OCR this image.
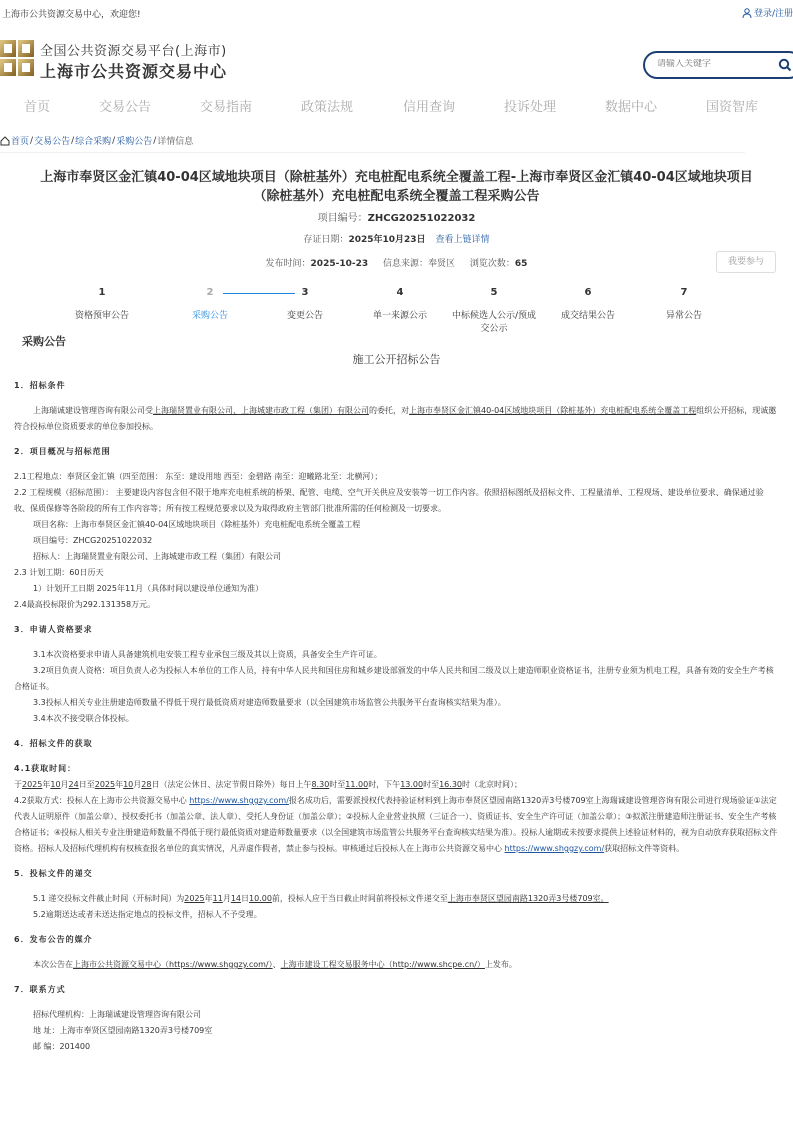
上海市公共资源交易中心，欢迎您!	登录/注册
全国公共资源交易平台(上海市)
上海市公共资源交易中心
请输入关键字
首页	交易公告	交易指南	政策法规	信用查询	投诉处理	数据中心	国资智库
首页 / 交易公告 / 综合采购 / 采购公告 / 详情信息
上海市奉贤区金汇镇40-04区域地块项目（除桩基外）充电桩配电系统全覆盖工程-上海市奉贤区金汇镇40-04区域地块项目（除桩基外）充电桩配电系统全覆盖工程采购公告
项目编号：ZHCG20251022032
存证日期：2025年10月23日 查看上链详情
发布时间：2025-10-23 信息来源：奉贤区 浏览次数：65	我要参与
1
资格预审公告
2
采购公告
3
变更公告
4
单一来源公示
5
中标候选人公示/预成交公示
6
成交结果公告
7
异常公告
采购公告
施工公开招标公告

1．招标条件

上海瑞诚建设管理咨询有限公司受上海瑞贤置业有限公司、上海城建市政工程（集团）有限公司的委托，对上海市奉贤区金汇镇40-04区域地块项目（除桩基外）充电桩配电系统全覆盖工程组织公开招标，现诚邀符合投标单位资质要求的单位参加投标。

2．项目概况与招标范围

2.1工程地点：奉贤区金汇镇（四至范围： 东至：建设用地 西至：金碧路 南至：迎曦路北至：北横河）；

2.2 工程规模（招标范围）： 主要建设内容包含但不限于地库充电桩系统的桥架、配管、电缆、空气开关供应及安装等一切工作内容。依照招标图纸及招标文件、工程量清单、工程现场、建设单位要求、确保通过验收、保质保修等各阶段的所有工作内容等；所有按工程规范要求以及为取得政府主管部门批准所需的任何检测及一切要求。

项目名称：上海市奉贤区金汇镇40-04区域地块项目（除桩基外）充电桩配电系统全覆盖工程

项目编号：ZHCG20251022032

招标人：上海瑞贤置业有限公司、上海城建市政工程（集团）有限公司

2.3 计划工期：60日历天

1）计划开工日期 2025年11月（具体时间以建设单位通知为准）

2.4最高投标限价为292.131358万元。

3．申请人资格要求

3.1本次资格要求申请人具备建筑机电安装工程专业承包三级及其以上资质，具备安全生产许可证。

3.2项目负责人资格：项目负责人必为投标人本单位的工作人员，持有中华人民共和国住房和城乡建设部颁发的中华人民共和国二级及以上建造师职业资格证书，注册专业须为机电工程，具备有效的安全生产考核合格证书。

3.3投标人相关专业注册建造师数量不得低于现行最低资质对建造师数量要求（以全国建筑市场监管公共服务平台查询核实结果为准）。

3.4本次不接受联合体投标。

4．招标文件的获取

4.1获取时间：

于2025年10月24日至2025年10月28日（法定公休日、法定节假日除外）每日上午8.30时至11.00时，下午13.00时至16.30时（北京时间）；

4.2获取方式：投标人在上海市公共资源交易中心 https://www.shggzy.com/报名成功后，需要派授权代表持验证材料到上海市奉贤区望园南路1320弄3号楼709室上海瑞诚建设管理咨询有限公司进行现场验证①法定代表人证明原件（加盖公章）、授权委托书（加盖公章、法人章）、受托人身份证（加盖公章）；②投标人企业营业执照（三证合一）、资质证书、安全生产许可证（加盖公章）；③拟派注册建造师注册证书、安全生产考核合格证书；④投标人相关专业注册建造师数量不得低于现行最低资质对建造师数量要求（以全国建筑市场监管公共服务平台查询核实结果为准）。投标人逾期或未按要求提供上述验证材料的，视为自动放弃获取招标文件资格。招标人及招标代理机构有权核查报名单位的真实情况，凡弄虚作假者，禁止参与投标。审核通过后投标人在上海市公共资源交易中心 https://www.shggzy.com/获取招标文件等资料。

5．投标文件的递交

5.1 递交投标文件截止时间（开标时间）为2025年11月14日10.00前，投标人应于当日截止时间前将投标文件递交至上海市奉贤区望园南路1320弄3号楼709室。

5.2逾期送达或者未送达指定地点的投标文件，招标人不予受理。

6．发布公告的媒介

本次公告在上海市公共资源交易中心（https://www.shggzy.com/）、上海市建设工程交易服务中心（http://www.shcpe.cn/）上发布。

7．联系方式

招标代理机构：上海瑞诚建设管理咨询有限公司

地 址：上海市奉贤区望园南路1320弄3号楼709室

邮 编：201400
